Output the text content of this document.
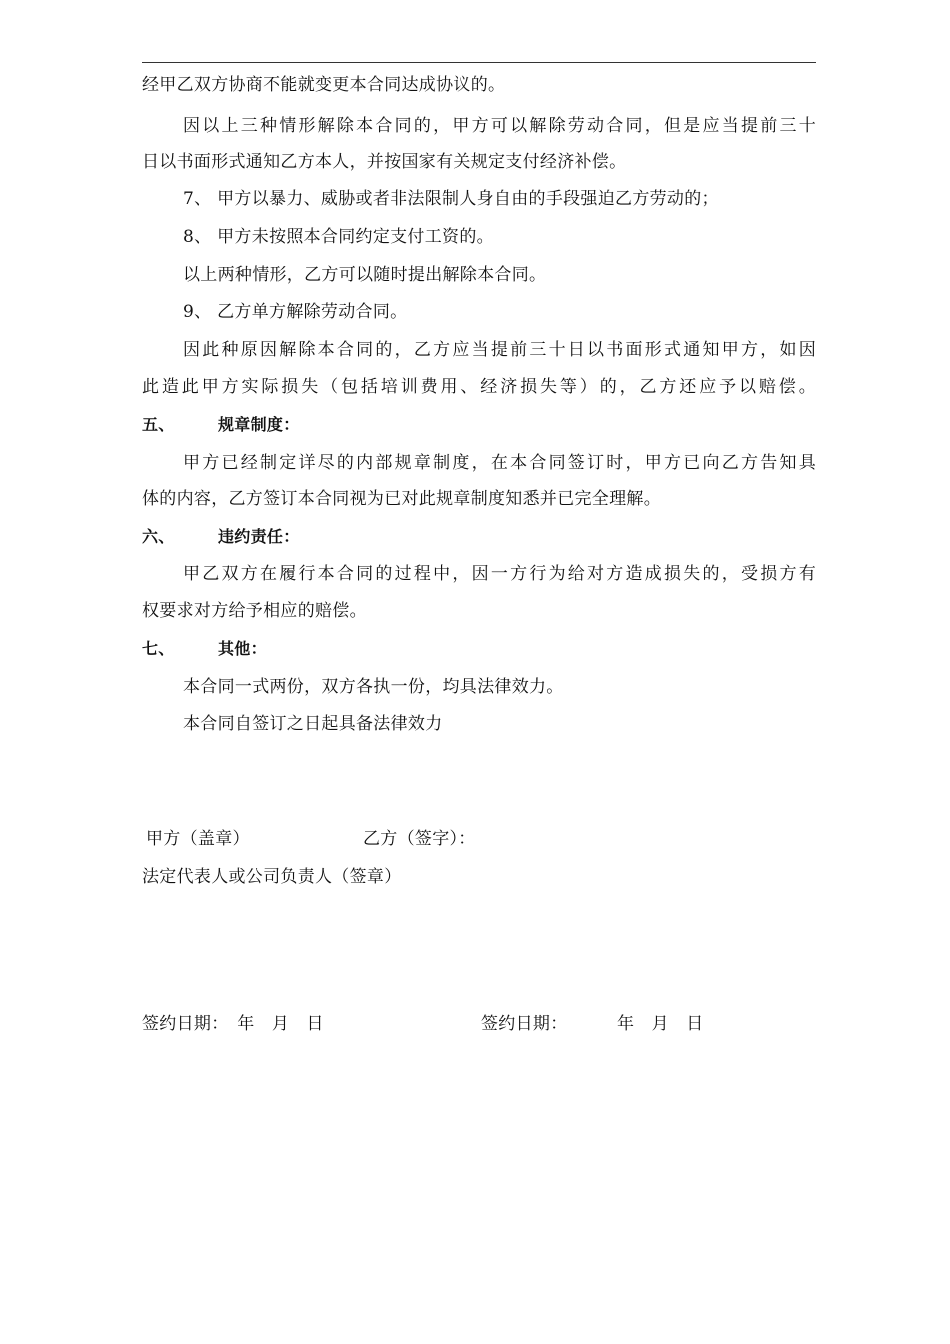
经甲乙双方协商不能就变更本合同达成协议的。
因以上三种情形解除本合同的，甲方可以解除劳动合同，但是应当提前三十
日以书面形式通知乙方本人，并按国家有关规定支付经济补偿。
7、 甲方以暴力、威胁或者非法限制人身自由的手段强迫乙方劳动的；
8、 甲方未按照本合同约定支付工资的。
以上两种情形，乙方可以随时提出解除本合同。
9、 乙方单方解除劳动合同。
因此种原因解除本合同的，乙方应当提前三十日以书面形式通知甲方，如因
此造此甲方实际损失（包括培训费用、经济损失等）的，乙方还应予以赔偿。
五、	规章制度：
甲方已经制定详尽的内部规章制度，在本合同签订时，甲方已向乙方告知具
体的内容，乙方签订本合同视为已对此规章制度知悉并已完全理解。
六、	违约责任：
甲乙双方在履行本合同的过程中，因一方行为给对方造成损失的，受损方有
权要求对方给予相应的赔偿。
七、	其他：
本合同一式两份，双方各执一份，均具法律效力。
本合同自签订之日起具备法律效力
甲方（盖章）	乙方（签字）：
法定代表人或公司负责人（签章）
签约日期：　年　月　日	签约日期：	年　月　日
